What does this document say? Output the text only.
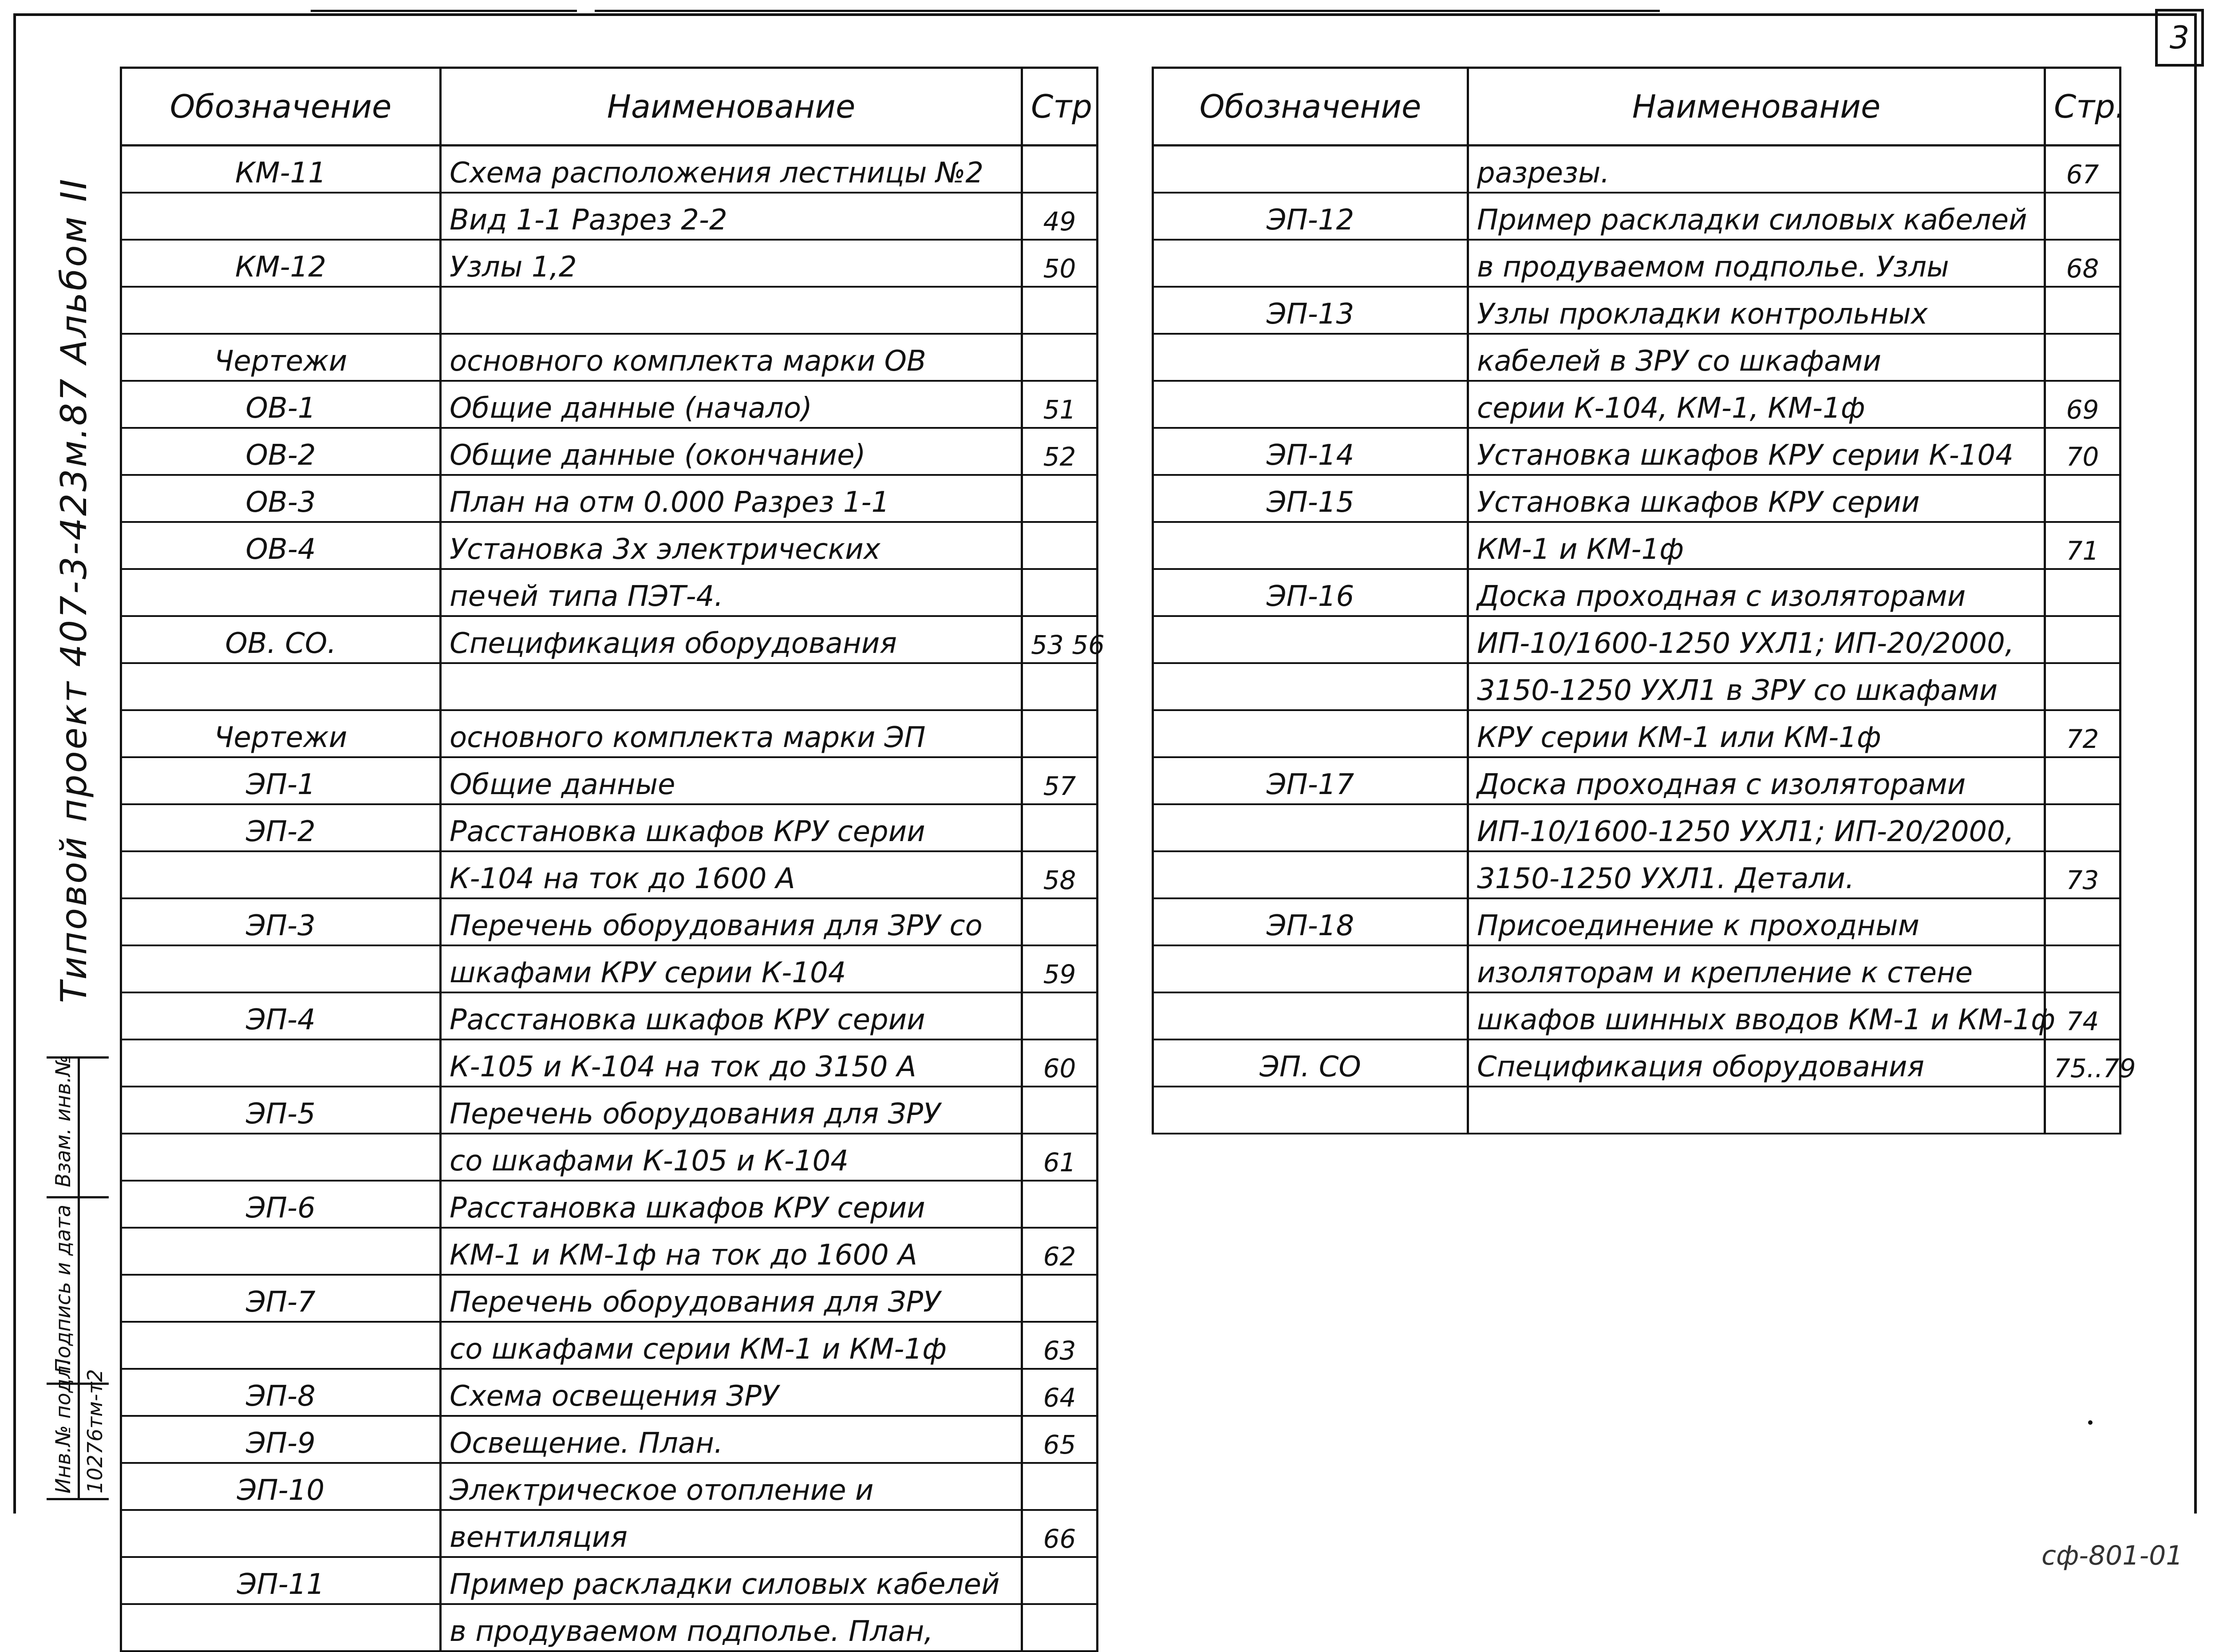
3
Типовой проект 407-3-423м.87 Альбом II
Взам. инв.№
Подпись и дата
Инв.№ подл. 10276тм-т2
Обозначение	Наименование	Стр
КМ-11	Схема расположения лестницы №2	
	Вид 1-1 Разрез 2-2	49
КМ-12	Узлы 1,2	50

Чертежи	основного комплекта марки ОВ	
ОВ-1	Общие данные (начало)	51
ОВ-2	Общие данные (окончание)	52
ОВ-3	План на отм 0.000 Разрез 1-1	
ОВ-4	Установка 3х электрических	
	печей типа ПЭТ-4.	
ОВ. СО.	Спецификация оборудования	53 56

Чертежи	основного комплекта марки ЭП	
ЭП-1	Общие данные	57
ЭП-2	Расстановка шкафов КРУ серии	
	К-104 на ток до 1600 А	58
ЭП-3	Перечень оборудования для ЗРУ со	
	шкафами КРУ серии К-104	59
ЭП-4	Расстановка шкафов КРУ серии	
	К-105 и К-104 на ток до 3150 А	60
ЭП-5	Перечень оборудования для ЗРУ	
	со шкафами К-105 и К-104	61
ЭП-6	Расстановка шкафов КРУ серии	
	КМ-1 и КМ-1ф на ток до 1600 А	62
ЭП-7	Перечень оборудования для ЗРУ	
	со шкафами серии КМ-1 и КМ-1ф	63
ЭП-8	Схема освещения ЗРУ	64
ЭП-9	Освещение. План.	65
ЭП-10	Электрическое отопление и	
	вентиляция	66
ЭП-11	Пример раскладки силовых кабелей	
	в продуваемом подполье. План,	
Обозначение	Наименование	Стр.
	разрезы.	67
ЭП-12	Пример раскладки силовых кабелей	
	в продуваемом подполье. Узлы	68
ЭП-13	Узлы прокладки контрольных	
	кабелей в ЗРУ со шкафами	
	серии К-104, КМ-1, КМ-1ф	69
ЭП-14	Установка шкафов КРУ серии К-104	70
ЭП-15	Установка шкафов КРУ серии	
	КМ-1 и КМ-1ф	71
ЭП-16	Доска проходная с изоляторами	
	ИП-10/1600-1250 УХЛ1; ИП-20/2000,	
	3150-1250 УХЛ1 в ЗРУ со шкафами	
	КРУ серии КМ-1 или КМ-1ф	72
ЭП-17	Доска проходная с изоляторами	
	ИП-10/1600-1250 УХЛ1; ИП-20/2000,	
	3150-1250 УХЛ1. Детали.	73
ЭП-18	Присоединение к проходным	
	изоляторам и крепление к стене	
	шкафов шинных вводов КМ-1 и КМ-1ф	74
ЭП. СО	Спецификация оборудования	75..79

сф-801-01
